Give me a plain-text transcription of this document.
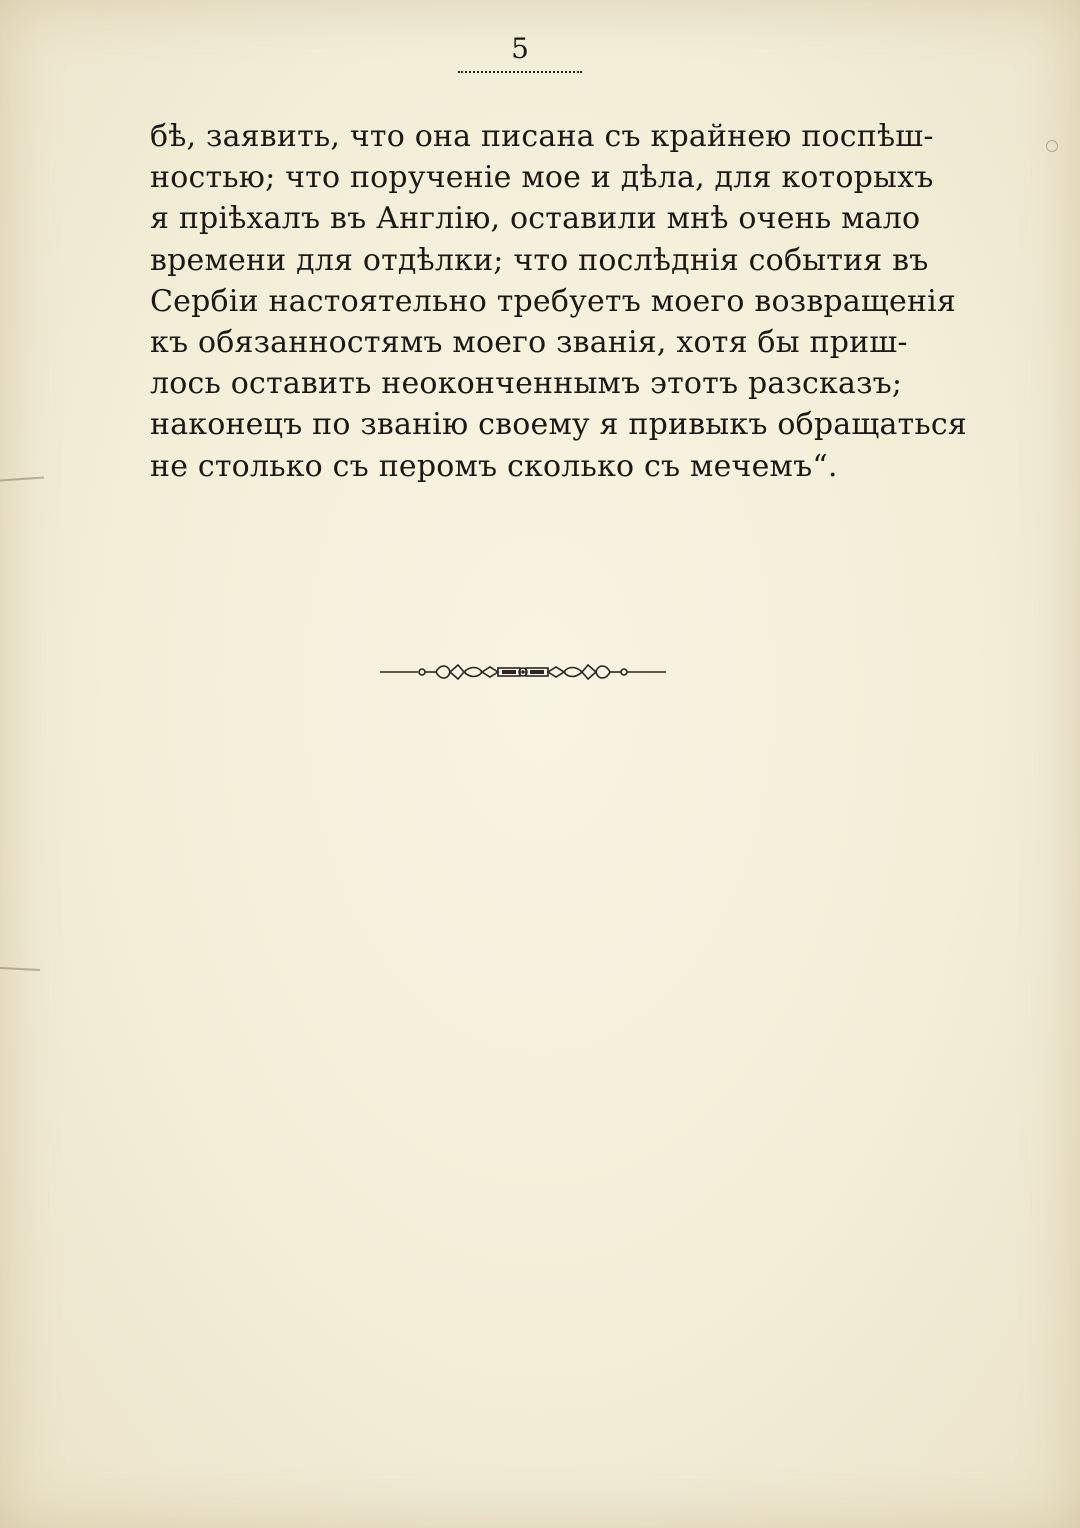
5
бѣ, заявить, что она писана съ крайнею поспѣш-
ностью; что порученіе мое и дѣла, для которыхъ
я пріѣхалъ въ Англію, оставили мнѣ очень мало
времени для отдѣлки; что послѣднія события въ
Сербіи настоятельно требуетъ моего возвращенія
къ обязанностямъ моего званія, хотя бы приш-
лось оставить неоконченнымъ этотъ разсказъ;
наконецъ по званію своему я привыкъ обращаться
не столько съ перомъ сколько съ мечемъ“.
